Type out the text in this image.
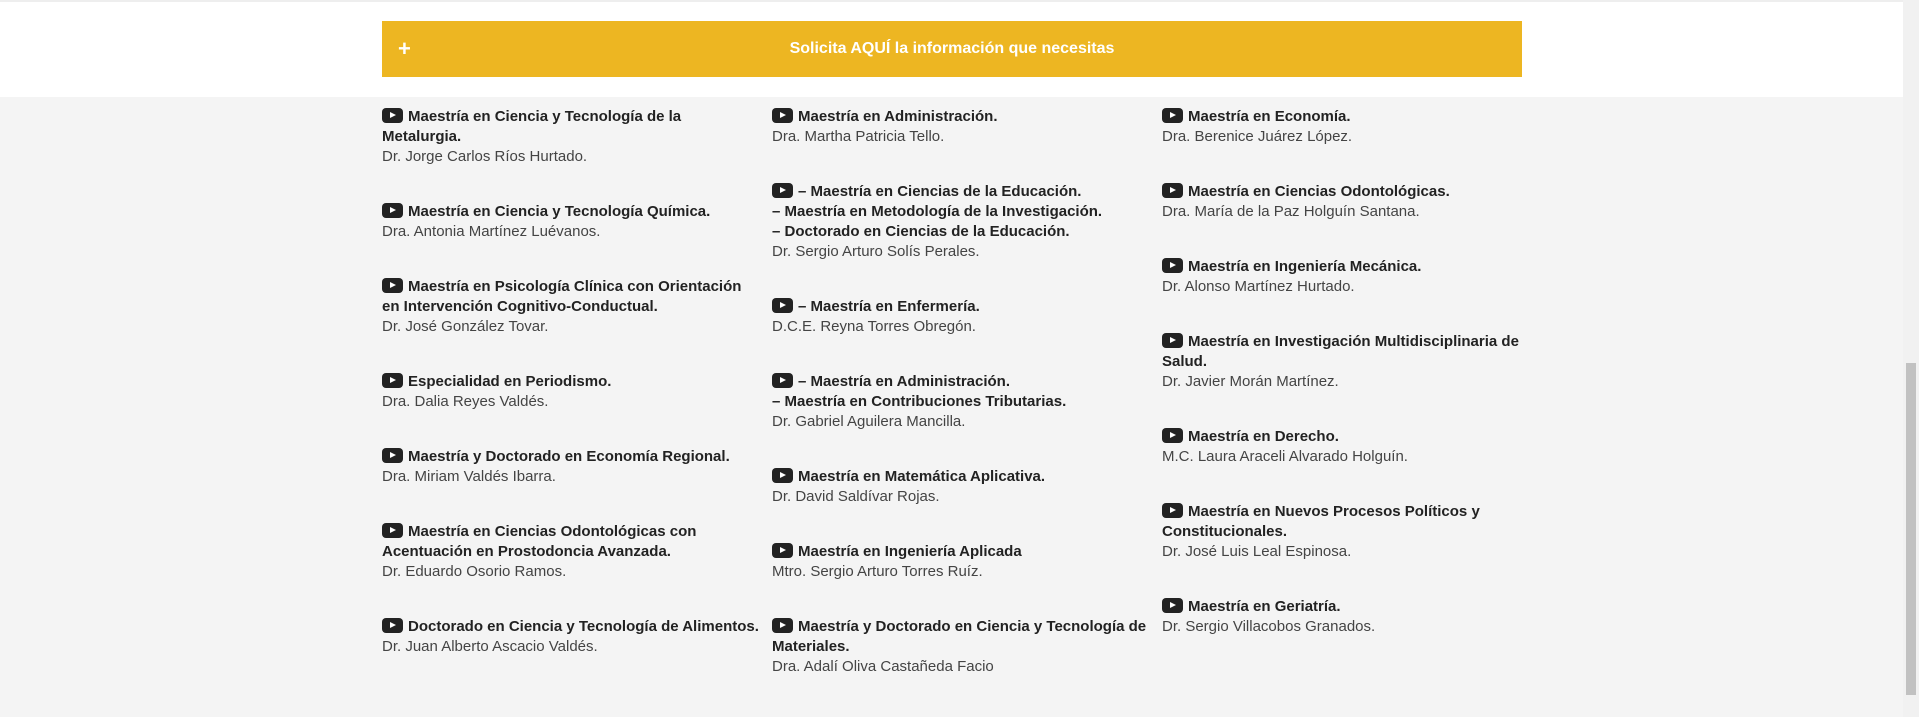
+	Solicita AQUÍ la información que necesitas
Maestría en Ciencia y Tecnología de la Metalurgia.
Dr. Jorge Carlos Ríos Hurtado.
Maestría en Ciencia y Tecnología Química.
Dra. Antonia Martínez Luévanos.
Maestría en Psicología Clínica con Orientación en Intervención Cognitivo-Conductual.
Dr. José González Tovar.
Especialidad en Periodismo.
Dra. Dalia Reyes Valdés.
Maestría y Doctorado en Economía Regional.
Dra. Miriam Valdés Ibarra.
Maestría en Ciencias Odontológicas con Acentuación en Prostodoncia Avanzada.
Dr. Eduardo Osorio Ramos.
Doctorado en Ciencia y Tecnología de Alimentos.
Dr. Juan Alberto Ascacio Valdés.
Maestría en Administración.
Dra. Martha Patricia Tello.
– Maestría en Ciencias de la Educación.
– Maestría en Metodología de la Investigación.
– Doctorado en Ciencias de la Educación.
Dr. Sergio Arturo Solís Perales.
– Maestría en Enfermería.
D.C.E. Reyna Torres Obregón.
– Maestría en Administración.
– Maestría en Contribuciones Tributarias.
Dr. Gabriel Aguilera Mancilla.
Maestría en Matemática Aplicativa.
Dr. David Saldívar Rojas.
Maestría en Ingeniería Aplicada
Mtro. Sergio Arturo Torres Ruíz.
Maestría y Doctorado en Ciencia y Tecnología de Materiales.
Dra. Adalí Oliva Castañeda Facio
Maestría en Economía.
Dra. Berenice Juárez López.
Maestría en Ciencias Odontológicas.
Dra. María de la Paz Holguín Santana.
Maestría en Ingeniería Mecánica.
Dr. Alonso Martínez Hurtado.
Maestría en Investigación Multidisciplinaria de Salud.
Dr. Javier Morán Martínez.
Maestría en Derecho.
M.C. Laura Araceli Alvarado Holguín.
Maestría en Nuevos Procesos Políticos y Constitucionales.
Dr. José Luis Leal Espinosa.
Maestría en Geriatría.
Dr. Sergio Villacobos Granados.
